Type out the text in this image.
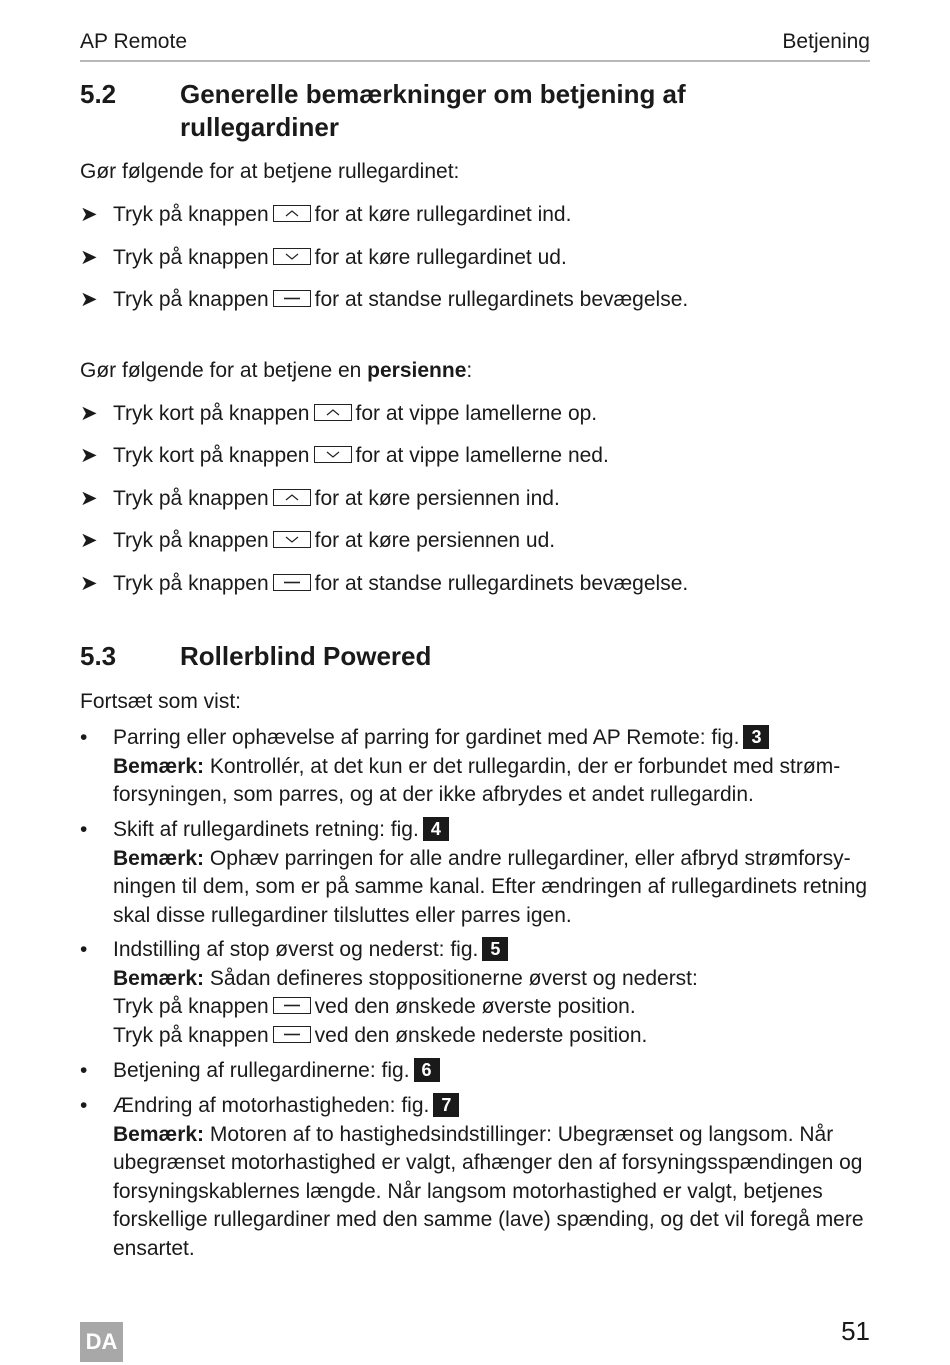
AP Remote	Betjening
5.2 Generelle bemærkninger om betjening af rullegardiner
Gør følgende for at betjene rullegardinet:
➤ Tryk på knappen for at køre rullegardinet ind.
➤ Tryk på knappen for at køre rullegardinet ud.
➤ Tryk på knappen for at standse rullegardinets bevægelse.
Gør følgende for at betjene en persienne:
➤ Tryk kort på knappen for at vippe lamellerne op.
➤ Tryk kort på knappen for at vippe lamellerne ned.
➤ Tryk på knappen for at køre persiennen ind.
➤ Tryk på knappen for at køre persiennen ud.
➤ Tryk på knappen for at standse rullegardinets bevægelse.
5.3 Rollerblind Powered
Fortsæt som vist:
• Parring eller ophævelse af parring for gardinet med AP Remote: fig. 3
Bemærk: Kontrollér, at det kun er det rullegardin, der er forbundet med strøm-forsyningen, som parres, og at der ikke afbrydes et andet rullegardin.
• Skift af rullegardinets retning: fig. 4
Bemærk: Ophæv parringen for alle andre rullegardiner, eller afbryd strømforsy-ningen til dem, som er på samme kanal. Efter ændringen af rullegardinets retning skal disse rullegardiner tilsluttes eller parres igen.
• Indstilling af stop øverst og nederst: fig. 5
Bemærk: Sådan defineres stoppositionerne øverst og nederst:
Tryk på knappen ved den ønskede øverste position.
Tryk på knappen ved den ønskede nederste position.
• Betjening af rullegardinerne: fig. 6
• Ændring af motorhastigheden: fig. 7
Bemærk: Motoren af to hastighedsindstillinger: Ubegrænset og langsom. Når ubegrænset motorhastighed er valgt, afhænger den af forsyningsspændingen og forsyningskablernes længde. Når langsom motorhastighed er valgt, betjenes forskellige rullegardiner med den samme (lave) spænding, og det vil foregå mere ensartet.
DA	51
